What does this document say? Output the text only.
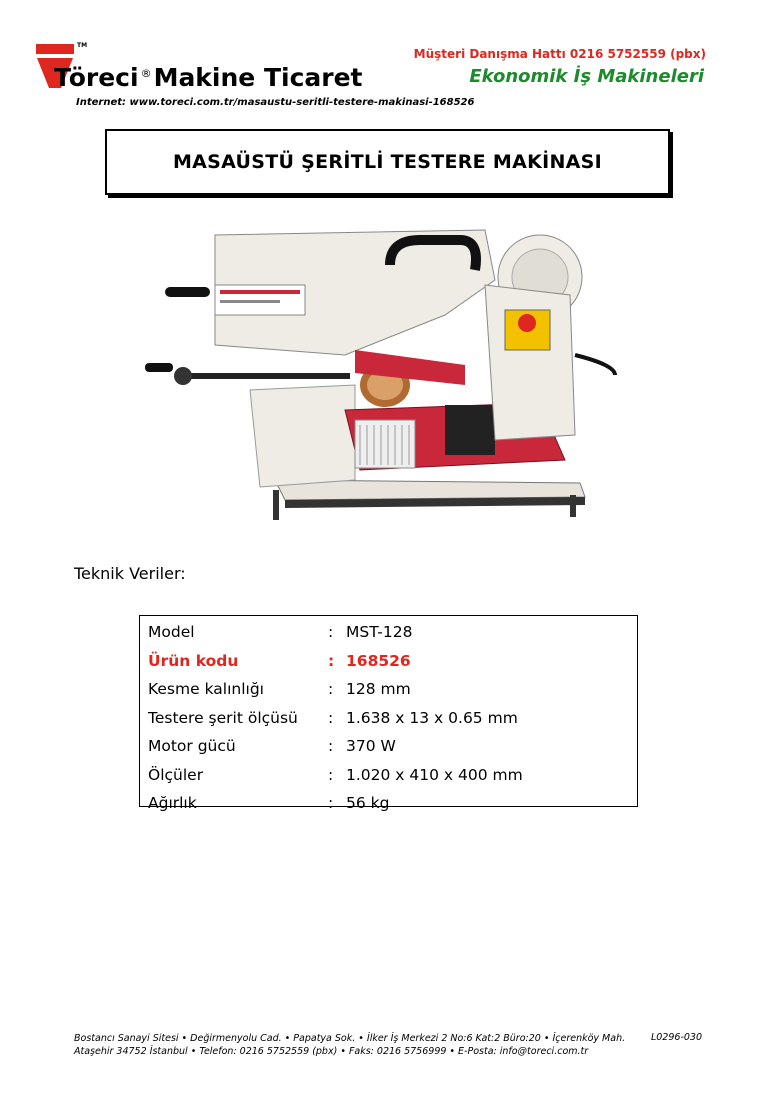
TM
Töreci ®Makine Ticaret
Internet: www.toreci.com.tr/masaustu-seritli-testere-makinasi-168526
Müşteri Danışma Hattı 0216 5752559 (pbx)
Ekonomik İş Makineleri
MASAÜSTÜ ŞERİTLİ TESTERE MAKİNASI
Teknik Veriler:
Model	: MST-128
Ürün kodu	: 168526
Kesme kalınlığı	: 128 mm
Testere şerit ölçüsü	: 1.638 x 13 x 0.65 mm
Motor gücü	: 370 W
Ölçüler	: 1.020 x 410 x 400 mm
Ağırlık	: 56 kg
Bostancı Sanayi Sitesi • Değirmenyolu Cad. • Papatya Sok. • İlker İş Merkezi 2 No:6 Kat:2 Büro:20 • İçerenköy Mah.
Ataşehir 34752 İstanbul • Telefon: 0216 5752559 (pbx) • Faks: 0216 5756999 • E-Posta: info@toreci.com.tr
L0296-030
